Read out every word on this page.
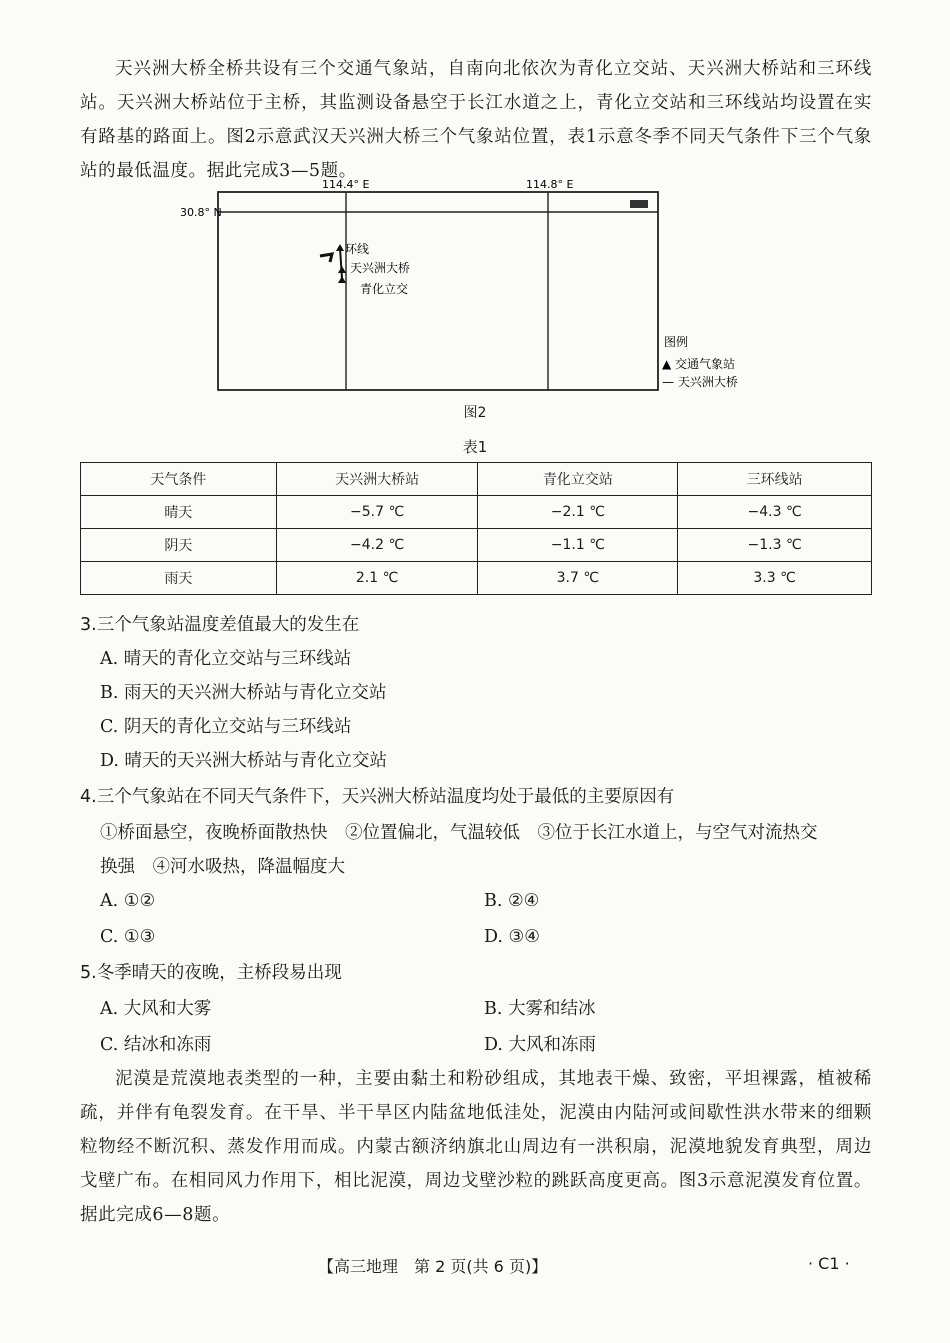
天兴洲大桥全桥共设有三个交通气象站，自南向北依次为青化立交站、天兴洲大桥站和三环线站。天兴洲大桥站位于主桥，其监测设备悬空于长江水道之上，青化立交站和三环线站均设置在实有路基的路面上。图2示意武汉天兴洲大桥三个气象站位置，表1示意冬季不同天气条件下三个气象站的最低温度。据此完成3—5题。

114.4° E	114.8° E
30.8° N
环线
天兴洲大桥
青化立交
图例
▲ 交通气象站
— 天兴洲大桥
图2
表1
天气条件	天兴洲大桥站	青化立交站	三环线站
晴天	−5.7 ℃	−2.1 ℃	−4.3 ℃
阴天	−4.2 ℃	−1.1 ℃	−1.3 ℃
雨天	2.1 ℃	3.7 ℃	3.3 ℃

3.三个气象站温度差值最大的发生在

A. 晴天的青化立交站与三环线站

B. 雨天的天兴洲大桥站与青化立交站

C. 阴天的青化立交站与三环线站

D. 晴天的天兴洲大桥站与青化立交站

4.三个气象站在不同天气条件下，天兴洲大桥站温度均处于最低的主要原因有

①桥面悬空，夜晚桥面散热快　②位置偏北，气温较低　③位于长江水道上，与空气对流热交

换强　④河水吸热，降温幅度大

A. ①②	B. ②④

C. ①③	D. ③④

5.冬季晴天的夜晚，主桥段易出现

A. 大风和大雾	B. 大雾和结冰

C. 结冰和冻雨	D. 大风和冻雨

泥漠是荒漠地表类型的一种，主要由黏土和粉砂组成，其地表干燥、致密，平坦裸露，植被稀疏，并伴有龟裂发育。在干旱、半干旱区内陆盆地低洼处，泥漠由内陆河或间歇性洪水带来的细颗粒物经不断沉积、蒸发作用而成。内蒙古额济纳旗北山周边有一洪积扇，泥漠地貌发育典型，周边戈壁广布。在相同风力作用下，相比泥漠，周边戈壁沙粒的跳跃高度更高。图3示意泥漠发育位置。据此完成6—8题。

【高三地理　第 2 页(共 6 页)】	· C1 ·
